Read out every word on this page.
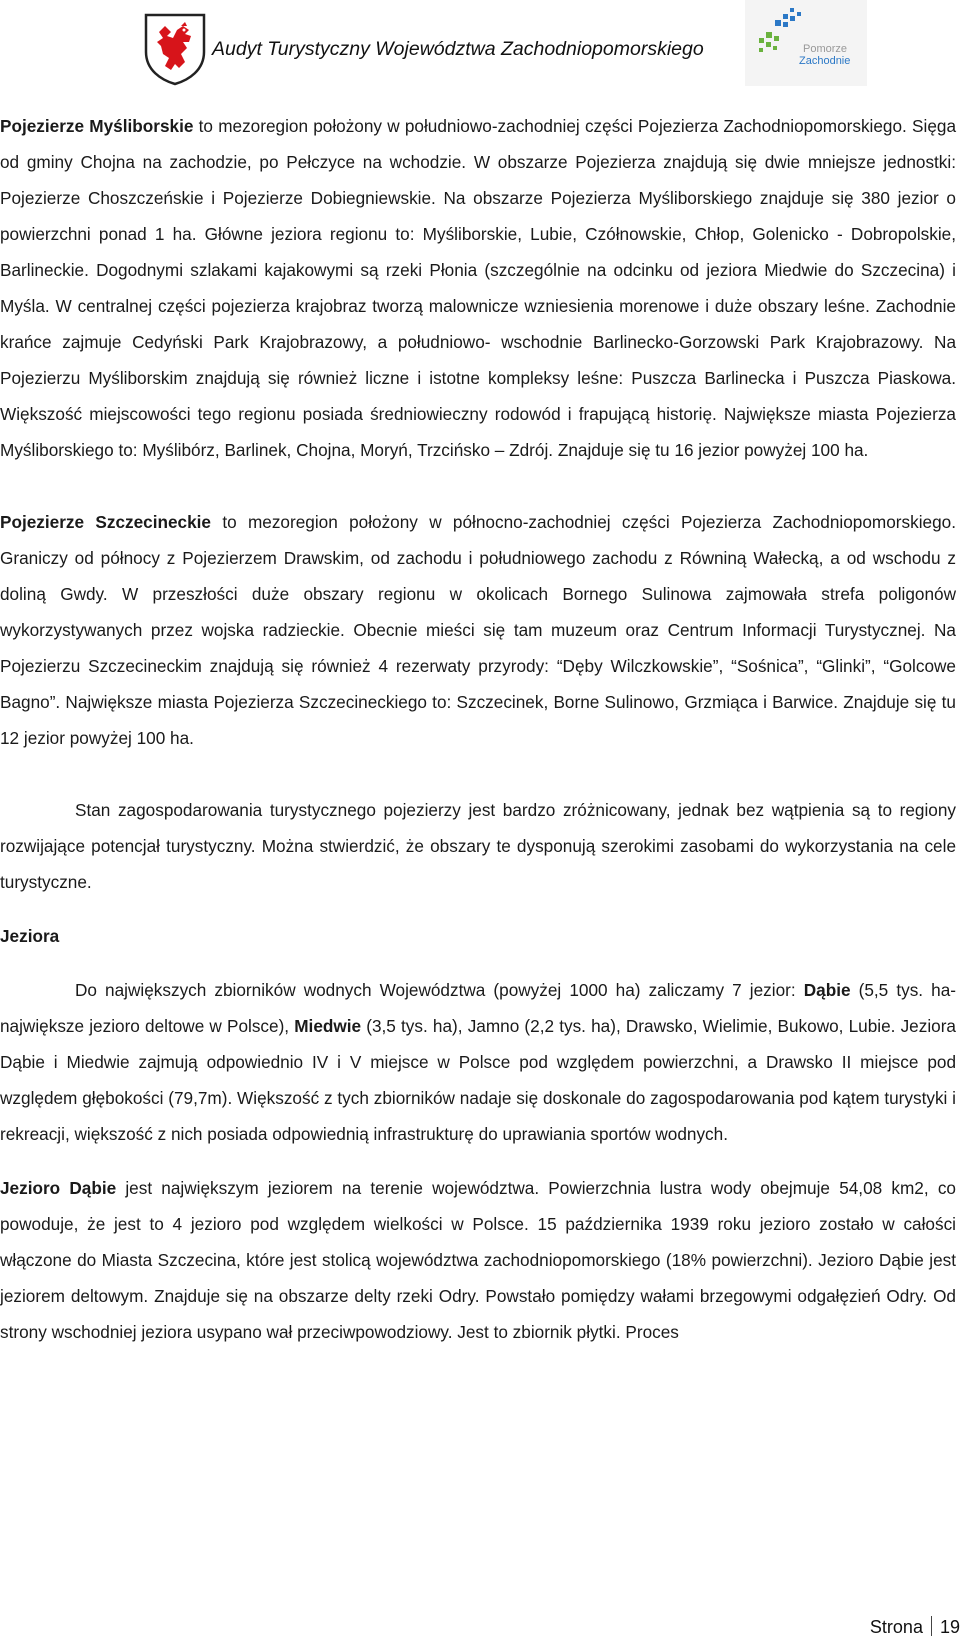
Audyt Turystyczny Województwa Zachodniopomorskiego	Pomorze
Zachodnie

Pojezierze Myśliborskie to mezoregion położony w południowo-zachodniej części Pojezierza Zachodniopomorskiego. Sięga od gminy Chojna na zachodzie, po Pełczyce na wchodzie. W obszarze Pojezierza znajdują się dwie mniejsze jednostki: Pojezierze Choszczeńskie i Pojezierze Dobiegniewskie. Na obszarze Pojezierza Myśliborskiego znajduje się 380 jezior o powierzchni ponad 1 ha. Główne jeziora regionu to: Myśliborskie, Lubie, Czółnowskie, Chłop, Golenicko - Dobropolskie, Barlineckie. Dogodnymi szlakami kajakowymi są rzeki Płonia (szczególnie na odcinku od jeziora Miedwie do Szczecina) i Myśla. W centralnej części pojezierza krajobraz tworzą malownicze wzniesienia morenowe i duże obszary leśne. Zachodnie krańce zajmuje Cedyński Park Krajobrazowy, a południowo- wschodnie Barlinecko-Gorzowski Park Krajobrazowy. Na Pojezierzu Myśliborskim znajdują się również liczne i istotne kompleksy leśne: Puszcza Barlinecka i Puszcza Piaskowa. Większość miejscowości tego regionu posiada średniowieczny rodowód i frapującą historię. Największe miasta Pojezierza Myśliborskiego to: Myślibórz, Barlinek, Chojna, Moryń, Trzcińsko – Zdrój. Znajduje się tu 16 jezior powyżej 100 ha.

Pojezierze Szczecineckie to mezoregion położony w północno-zachodniej części Pojezierza Zachodniopomorskiego. Graniczy od północy z Pojezierzem Drawskim, od zachodu i południowego zachodu z Równiną Wałecką, a od wschodu z doliną Gwdy. W przeszłości duże obszary regionu w okolicach Bornego Sulinowa zajmowała strefa poligonów wykorzystywanych przez wojska radzieckie. Obecnie mieści się tam muzeum oraz Centrum Informacji Turystycznej. Na Pojezierzu Szczecineckim znajdują się również 4 rezerwaty przyrody: “Dęby Wilczkowskie”, “Sośnica”, “Glinki”, “Golcowe Bagno”. Największe miasta Pojezierza Szczecineckiego to: Szczecinek, Borne Sulinowo, Grzmiąca i Barwice. Znajduje się tu 12 jezior powyżej 100 ha.

Stan zagospodarowania turystycznego pojezierzy jest bardzo zróżnicowany, jednak bez wątpienia są to regiony rozwijające potencjał turystyczny. Można stwierdzić, że obszary te dysponują szerokimi zasobami do wykorzystania na cele turystyczne.

Jeziora

Do największych zbiorników wodnych Województwa (powyżej 1000 ha) zaliczamy 7 jezior: Dąbie (5,5 tys. ha- największe jezioro deltowe w Polsce), Miedwie (3,5 tys. ha), Jamno (2,2 tys. ha), Drawsko, Wielimie, Bukowo, Lubie. Jeziora Dąbie i Miedwie zajmują odpowiednio IV i V miejsce w Polsce pod względem powierzchni, a Drawsko II miejsce pod względem głębokości (79,7m). Większość z tych zbiorników nadaje się doskonale do zagospodarowania pod kątem turystyki i rekreacji, większość z nich posiada odpowiednią infrastrukturę do uprawiania sportów wodnych.

Jezioro Dąbie jest największym jeziorem na terenie województwa. Powierzchnia lustra wody obejmuje 54,08 km2, co powoduje, że jest to 4 jezioro pod względem wielkości w Polsce. 15 października 1939 roku jezioro zostało w całości włączone do Miasta Szczecina, które jest stolicą województwa zachodniopomorskiego (18% powierzchni). Jezioro Dąbie jest jeziorem deltowym. Znajduje się na obszarze delty rzeki Odry. Powstało pomiędzy wałami brzegowymi odgałęzień Odry. Od strony wschodniej jeziora usypano wał przeciwpowodziowy. Jest to zbiornik płytki. Proces

Strona 19
